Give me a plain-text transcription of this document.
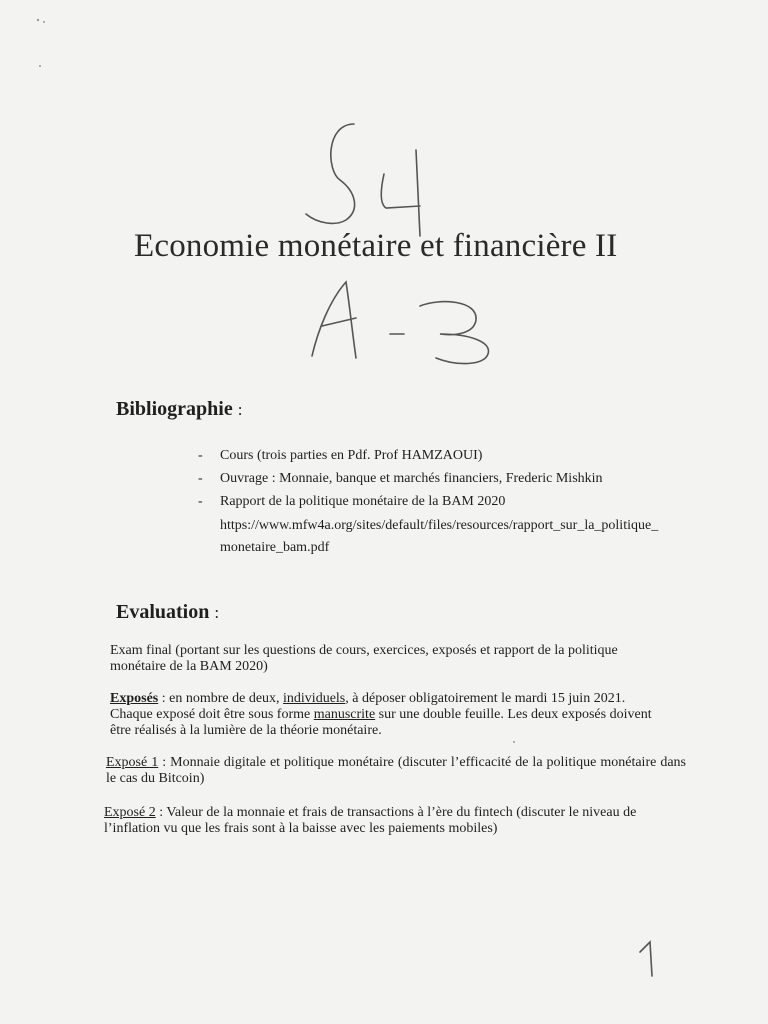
Economie monétaire et financière II
Bibliographie :
- Cours (trois parties en Pdf. Prof HAMZAOUI)
- Ouvrage : Monnaie, banque et marchés financiers, Frederic Mishkin
- Rapport de la politique monétaire de la BAM 2020
https://www.mfw4a.org/sites/default/files/resources/rapport_sur_la_politique_monetaire_bam.pdf
Evaluation :
Exam final (portant sur les questions de cours, exercices, exposés et rapport de la politique monétaire de la BAM 2020)
Exposés : en nombre de deux, individuels, à déposer obligatoirement le mardi 15 juin 2021. Chaque exposé doit être sous forme manuscrite sur une double feuille. Les deux exposés doivent être réalisés à la lumière de la théorie monétaire.
Exposé 1 : Monnaie digitale et politique monétaire (discuter l’efficacité de la politique monétaire dans le cas du Bitcoin)
Exposé 2 : Valeur de la monnaie et frais de transactions à l’ère du fintech (discuter le niveau de l’inflation vu que les frais sont à la baisse avec les paiements mobiles)
